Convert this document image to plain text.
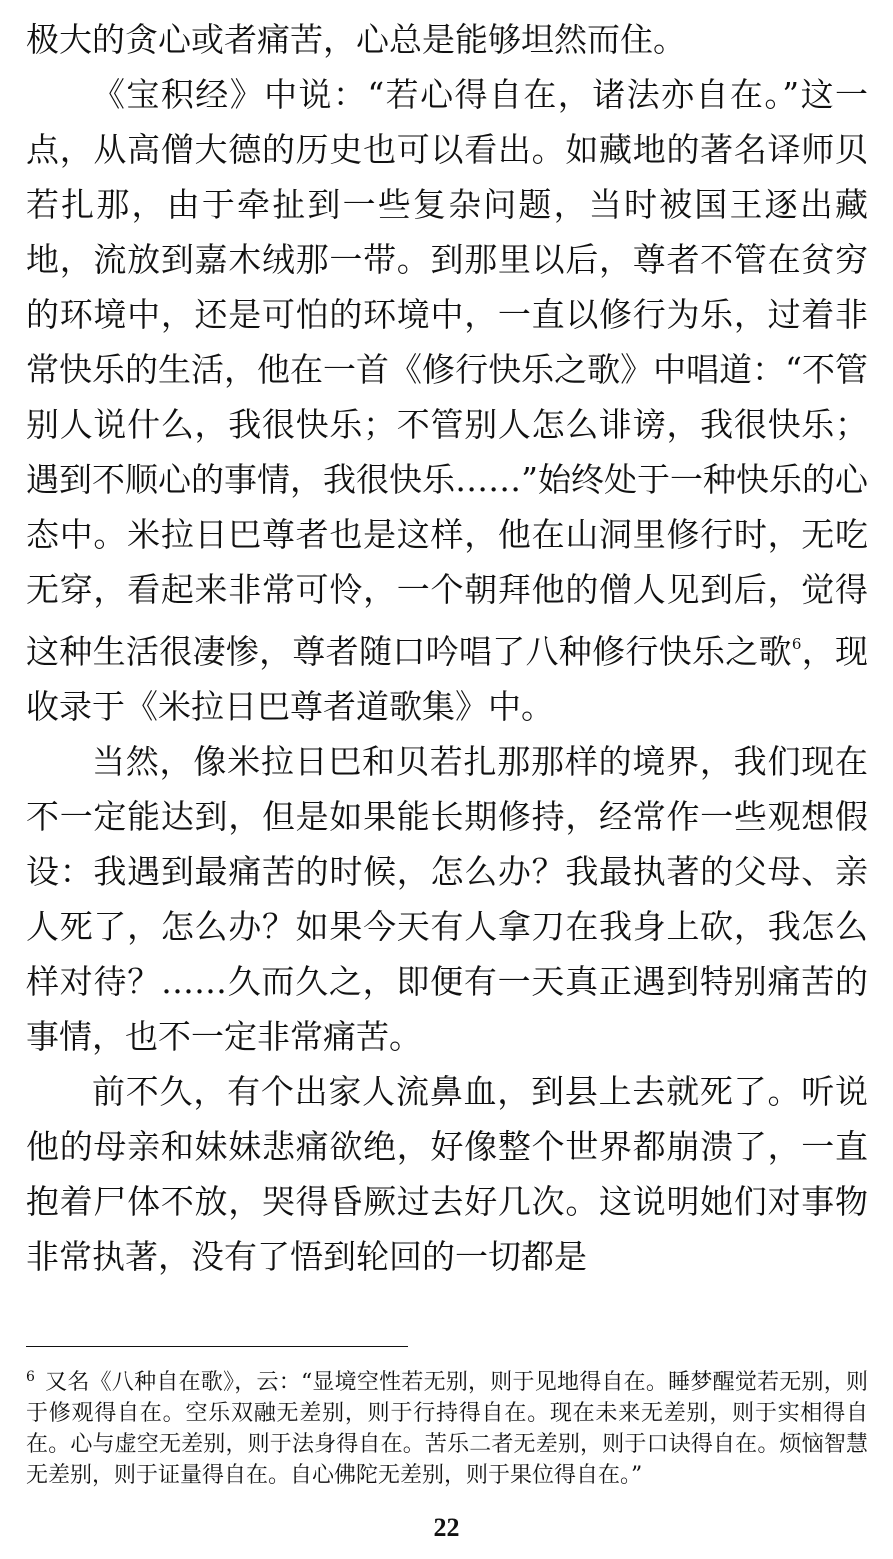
极大的贪心或者痛苦，心总是能够坦然而住。

《宝积经》中说：“若心得自在，诸法亦自在。”这一点，从高僧大德的历史也可以看出。如藏地的著名译师贝若扎那，由于牵扯到一些复杂问题，当时被国王逐出藏地，流放到嘉木绒那一带。到那里以后，尊者不管在贫穷的环境中，还是可怕的环境中，一直以修行为乐，过着非常快乐的生活，他在一首《修行快乐之歌》中唱道：“不管别人说什么，我很快乐；不管别人怎么诽谤，我很快乐；遇到不顺心的事情，我很快乐……”始终处于一种快乐的心态中。米拉日巴尊者也是这样，他在山洞里修行时，无吃无穿，看起来非常可怜，一个朝拜他的僧人见到后，觉得这种生活很凄惨，尊者随口吟唱了八种修行快乐之歌$^6$，现收录于《米拉日巴尊者道歌集》中。

当然，像米拉日巴和贝若扎那那样的境界，我们现在不一定能达到，但是如果能长期修持，经常作一些观想假设：我遇到最痛苦的时候，怎么办？我最执著的父母、亲人死了，怎么办？如果今天有人拿刀在我身上砍，我怎么样对待？……久而久之，即便有一天真正遇到特别痛苦的事情，也不一定非常痛苦。

前不久，有个出家人流鼻血，到县上去就死了。听说他的母亲和妹妹悲痛欲绝，好像整个世界都崩溃了，一直抱着尸体不放，哭得昏厥过去好几次。这说明她们对事物非常执著，没有了悟到轮回的一切都是

$^6$ 又名《八种自在歌》，云：“显境空性若无别，则于见地得自在。睡梦醒觉若无别，则于修观得自在。空乐双融无差别，则于行持得自在。现在未来无差别，则于实相得自在。心与虚空无差别，则于法身得自在。苦乐二者无差别，则于口诀得自在。烦恼智慧无差别，则于证量得自在。自心佛陀无差别，则于果位得自在。”
22
